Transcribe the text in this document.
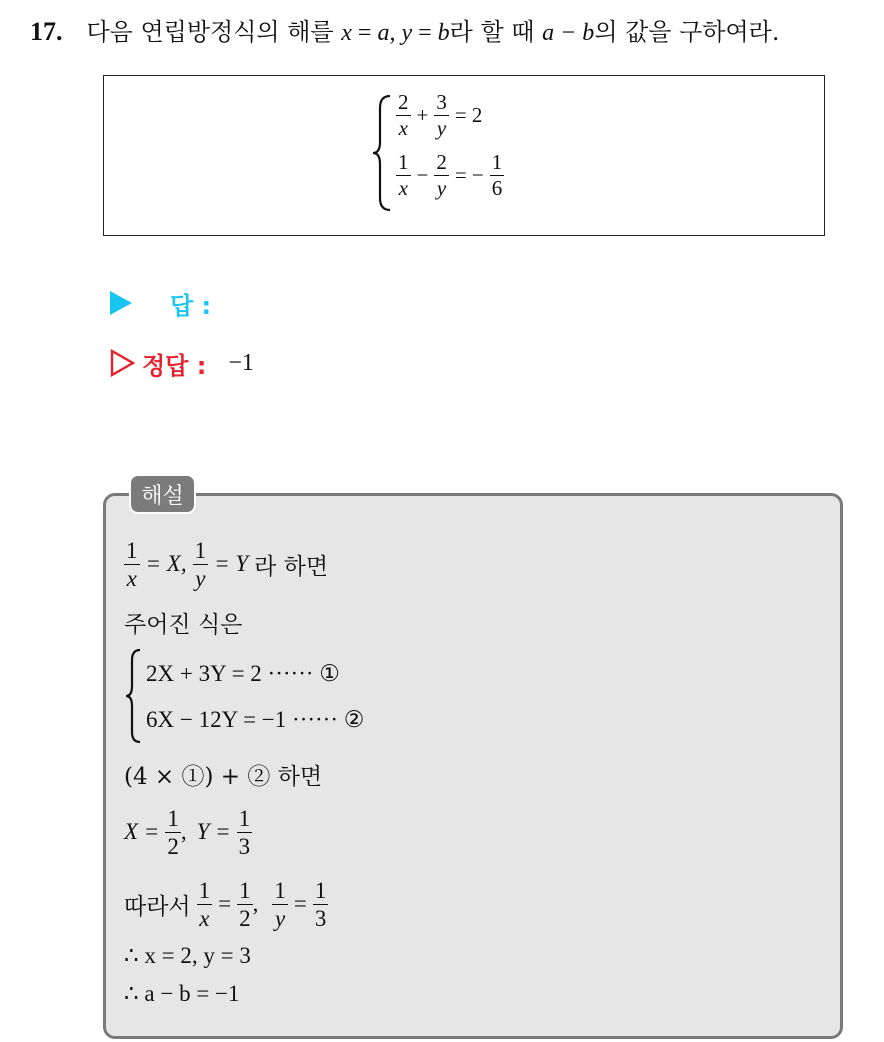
17. 다음 연립방정식의 해를 x = a, y = b라 할 때 a − b의 값을 구하여라.
$\frac{2}{x} + \frac{3}{y} = 2$
$\frac{1}{x} - \frac{2}{y}$ = − $\frac{1}{6}$
답 :
정답 : −1
해설
$\frac{1}{x} = X$, $\frac{1}{y} = Y$ 라 하면
주어진 식은
2X + 3Y = 2 ······ ①
6X − 12Y = −1 ······ ②
(4 × ①) + ② 하면
$X = \frac{1}{2}$ , $Y = \frac{1}{3}$
따라서 $\frac{1}{x} = \frac{1}{2}$ , $\frac{1}{y} = \frac{1}{3}$
∴ x = 2, y = 3
∴ a − b = −1
